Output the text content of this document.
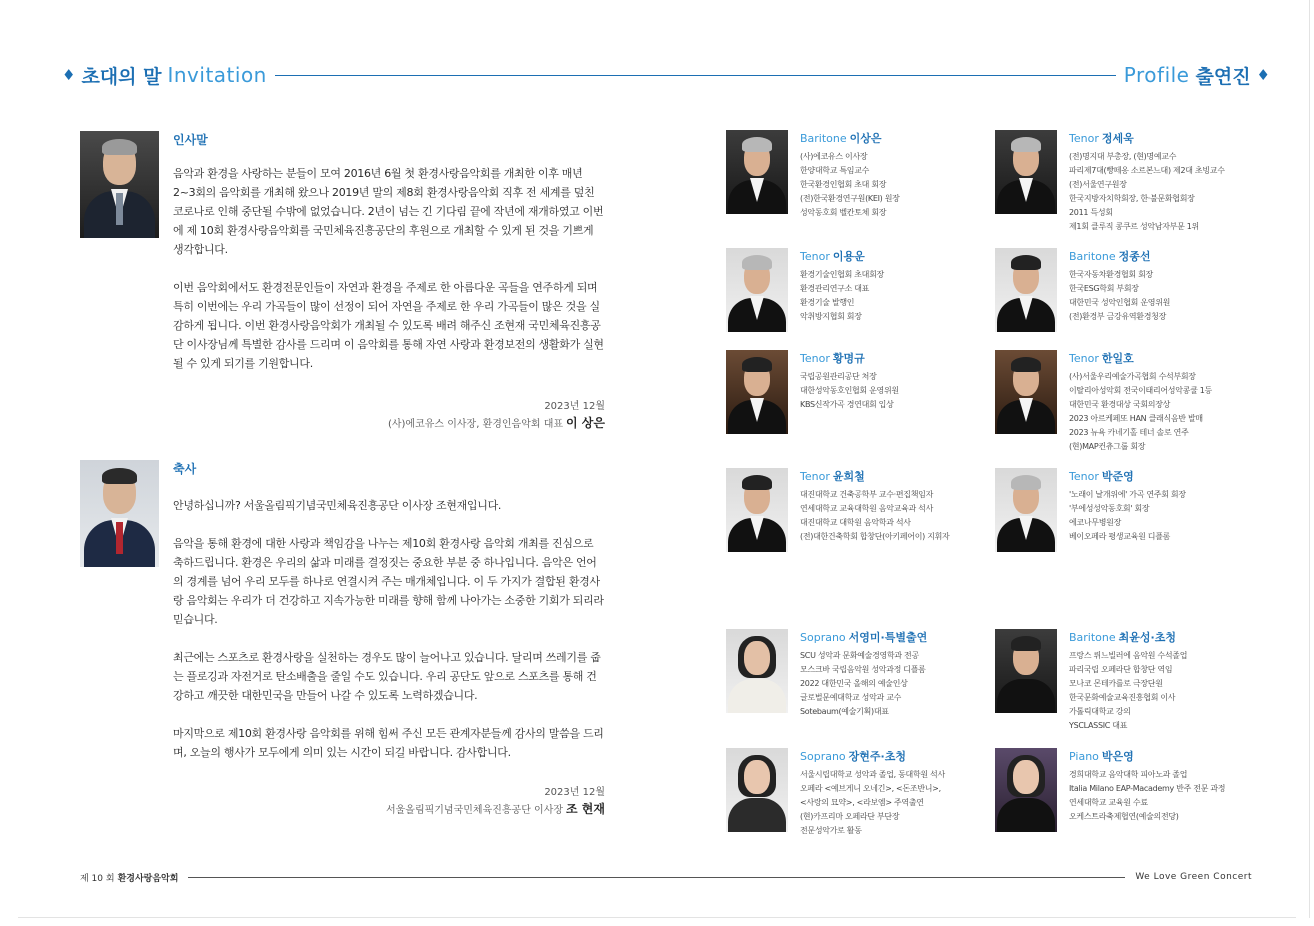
♦ 초대의 말 Invitation	Profile 출연진 ♦
인사말

음악과 환경을 사랑하는 분들이 모여 2016년 6월 첫 환경사랑음악회를 개최한 이후 매년 2~3회의 음악회를 개최해 왔으나 2019년 말의 제8회 환경사랑음악회 직후 전 세계를 덮친 코로나로 인해 중단될 수밖에 없었습니다. 2년이 넘는 긴 기다림 끝에 작년에 재개하였고 이번에 제 10회 환경사랑음악회를 국민체육진흥공단의 후원으로 개최할 수 있게 된 것을 기쁘게 생각합니다.

이번 음악회에서도 환경전문인들이 자연과 환경을 주제로 한 아름다운 곡들을 연주하게 되며 특히 이번에는 우리 가곡들이 많이 선정이 되어 자연을 주제로 한 우리 가곡들이 많은 것을 실감하게 됩니다. 이번 환경사랑음악회가 개최될 수 있도록 배려 해주신 조현재 국민체육진흥공단 이사장님께 특별한 감사를 드리며 이 음악회를 통해 자연 사랑과 환경보전의 생활화가 실현될 수 있게 되기를 기원합니다.

2023년 12월
(사)에코유스 이사장, 환경인음악회 대표 이 상은
축사

안녕하십니까? 서울올림픽기념국민체육진흥공단 이사장 조현재입니다.

음악을 통해 환경에 대한 사랑과 책임감을 나누는 제10회 환경사랑 음악회 개최를 진심으로 축하드립니다. 환경은 우리의 삶과 미래를 결정짓는 중요한 부분 중 하나입니다. 음악은 언어의 경계를 넘어 우리 모두를 하나로 연결시켜 주는 매개체입니다. 이 두 가지가 결합된 환경사랑 음악회는 우리가 더 건강하고 지속가능한 미래를 향해 함께 나아가는 소중한 기회가 되리라 믿습니다.

최근에는 스포츠로 환경사랑을 실천하는 경우도 많이 늘어나고 있습니다. 달리며 쓰레기를 줍는 플로깅과 자전거로 탄소배출을 줄일 수도 있습니다. 우리 공단도 앞으로 스포츠를 통해 건강하고 깨끗한 대한민국을 만들어 나갈 수 있도록 노력하겠습니다.

마지막으로 제10회 환경사랑 음악회를 위해 힘써 주신 모든 관계자분들께 감사의 말씀을 드리며, 오늘의 행사가 모두에게 의미 있는 시간이 되길 바랍니다. 감사합니다.

2023년 12월
서울올림픽기념국민체육진흥공단 이사장 조 현재
Baritone 이상은
(사)에코유스 이사장
한양대학교 특임교수
한국환경인협회 초대 회장
(전)한국환경연구원(KEI) 원장
성악동호회 벨칸토체 회장
Tenor 정세욱
(전)명지대 부총장, (현)명예교수
파리제7대(빵떼옹 소르본느대) 제2대 초빙교수
(전)서울연구원장
한국지방자치학회장, 한·불문화협회장
2011 득성회
제1회 클루직 콩쿠르 성악남자부문 1위
Tenor 이용운
환경기술인협회 초대회장
환경관리연구소 대표
환경기술 발행인
악취방지협회 회장
Baritone 정종선
한국자동차환경협회 회장
한국ESG학회 부회장
대한민국 성악인협회 운영위원
(전)환경부 금강유역환경청장
Tenor 황명규
국립공원관리공단 처장
대한성악동호인협회 운영위원
KBS신작가곡 경연대회 입상
Tenor 한일호
(사)서울우리예술가곡협회 수석부회장
이탈리아성악회 전국이태리어성악콩쿨 1등
대한민국 환경대상 국회의장상
2023 아르케페또 HAN 클래식음반 발매
2023 뉴욕 카네기홀 테너 솔로 연주
(현)MAP컨츄그룹 회장
Tenor 윤희철
대진대학교 건축공학부 교수·편집책임자
연세대학교 교육대학원 음악교육과 석사
대진대학교 대학원 음악학과 석사
(전)대한건축학회 합창단(아키페어이) 지휘자
Tenor 박준영
'노래이 날개위에' 가곡 연주회 회장
'부에성성악동호회' 회장
에코나무병원장
베이오페라 평생교육원 디플롬
Soprano 서영미·특별출연
SCU 성악과 문화예술경영학과 전공
모스크바 국립음악원 성악과정 디플롬
2022 대한민국 올해의 예술인상
글로벌문예대학교 성악과 교수
Sotebaum(예술기획)대표
Baritone 최윤성·초청
프랑스 뤼느빌러에 음악원 수석졸업
파리국립 오페라단 합창단 역임
모나코 몬테카를로 극장단원
한국문화예술교육진흥협회 이사
가톨릭대학교 강의
YSCLASSIC 대표
Soprano 장현주·초청
서울시립대학교 성악과 졸업, 동대학원 석사
오페라 <예브게니 오네긴>, <돈조반니>,
<사랑의 묘약>, <라보엠> 주역출연
(현)카프리마 오페라단 부단장
전문성악가로 활동
Piano 박은영
경희대학교 음악대학 피아노과 졸업
Italia Milano EAP-Macademy 반주 전문 과정
연세대학교 교육원 수료
오케스트라축제협연(예술의전당)
제 10 회 환경사랑음악회	We Love Green Concert
